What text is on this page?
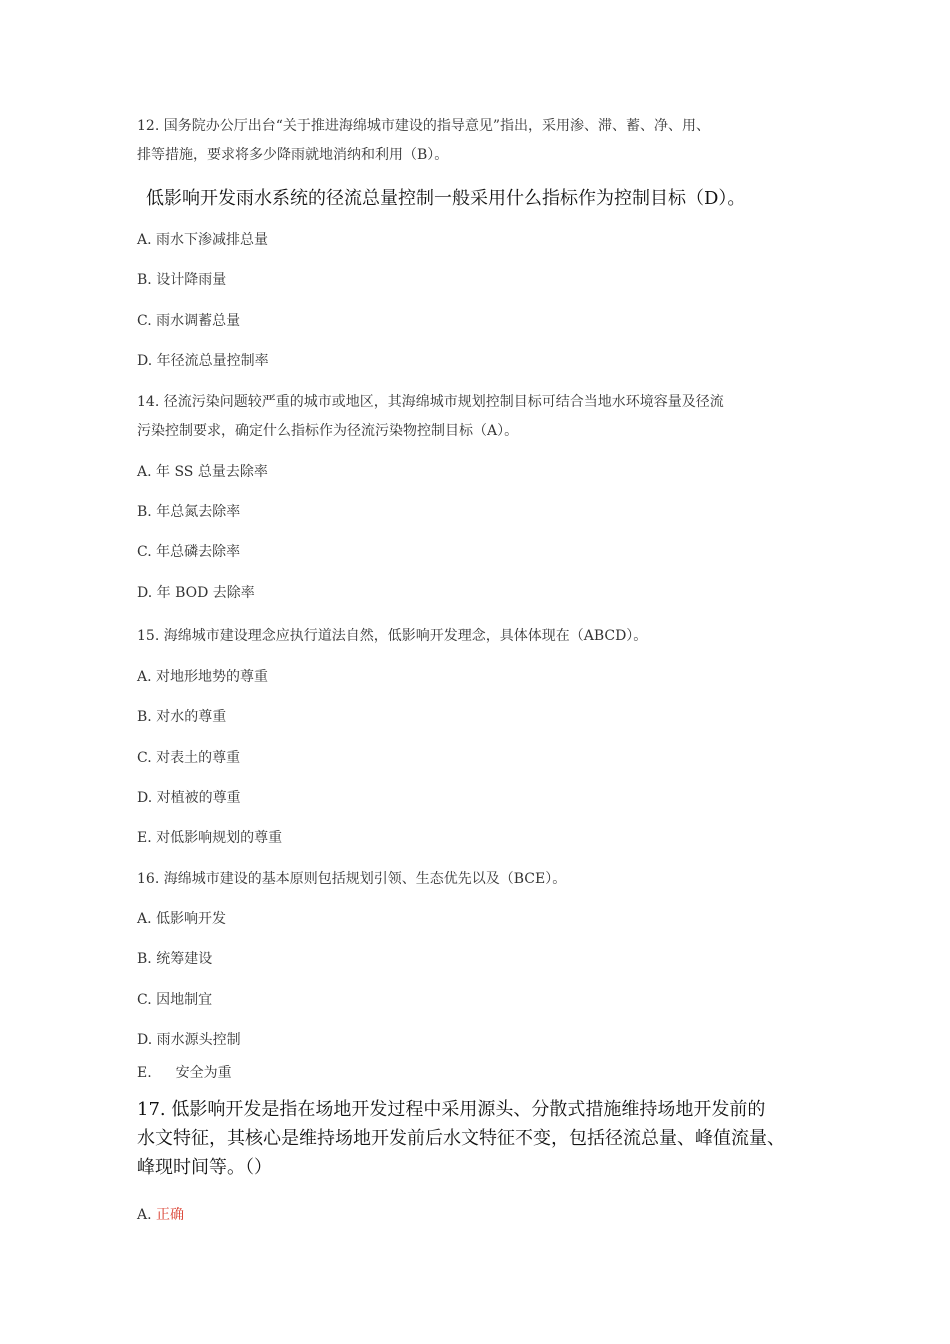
12. 国务院办公厅出台“关于推进海绵城市建设的指导意见”指出，采用渗、滞、蓄、净、用、
排等措施，要求将多少降雨就地消纳和利用（B）。
低影响开发雨水系统的径流总量控制一般采用什么指标作为控制目标（D）。
A. 雨水下渗减排总量
B. 设计降雨量
C. 雨水调蓄总量
D. 年径流总量控制率
14. 径流污染问题较严重的城市或地区，其海绵城市规划控制目标可结合当地水环境容量及径流
污染控制要求，确定什么指标作为径流污染物控制目标（A）。
A. 年 SS 总量去除率
B. 年总氮去除率
C. 年总磷去除率
D. 年 BOD 去除率
15. 海绵城市建设理念应执行道法自然，低影响开发理念，具体体现在（ABCD）。
A. 对地形地势的尊重
B. 对水的尊重
C. 对表土的尊重
D. 对植被的尊重
E. 对低影响规划的尊重
16. 海绵城市建设的基本原则包括规划引领、生态优先以及（BCE）。
A. 低影响开发
B. 统筹建设
C. 因地制宜
D. 雨水源头控制
E. 安全为重
17. 低影响开发是指在场地开发过程中采用源头、分散式措施维持场地开发前的
水文特征，其核心是维持场地开发前后水文特征不变，包括径流总量、峰值流量、
峰现时间等。（）
A. 正确
